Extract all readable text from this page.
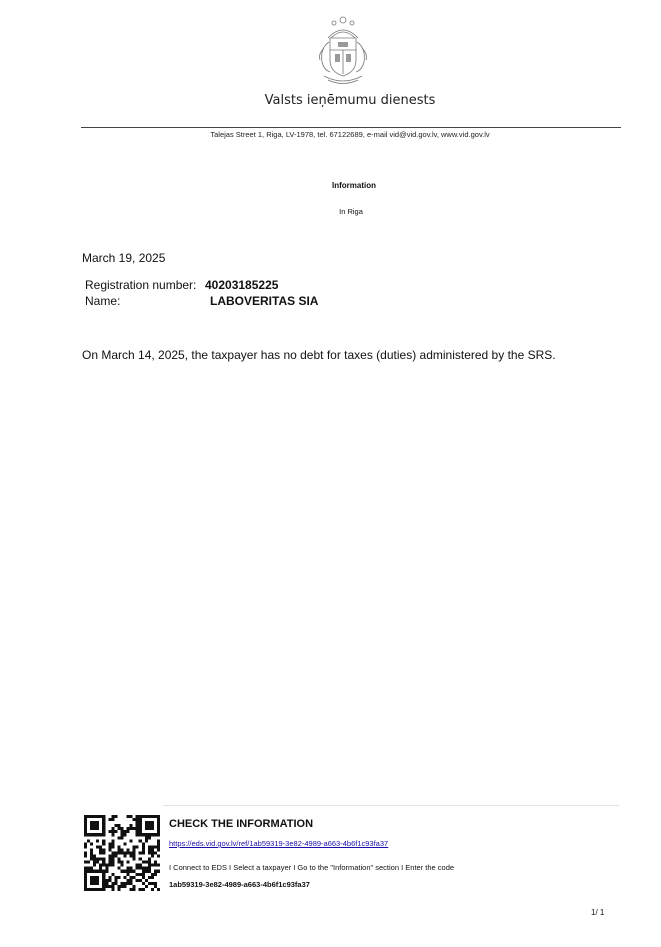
Valsts ieņēmumu dienests
Talejas Street 1, Riga, LV-1978, tel. 67122689, e-mail vid@vid.gov.lv, www.vid.gov.lv
Information
In Riga
March 19, 2025
Registration number: 40203185225
Name:	LABOVERITAS SIA
On March 14, 2025, the taxpayer has no debt for taxes (duties) administered by the SRS.
CHECK THE INFORMATION
https://eds.vid.gov.lv/ref/1ab59319-3e82-4989-a663-4b6f1c93fa37
I Connect to EDS I Select a taxpayer I Go to the "Information" section I Enter the code
1ab59319-3e82-4989-a663-4b6f1c93fa37
1/ 1
